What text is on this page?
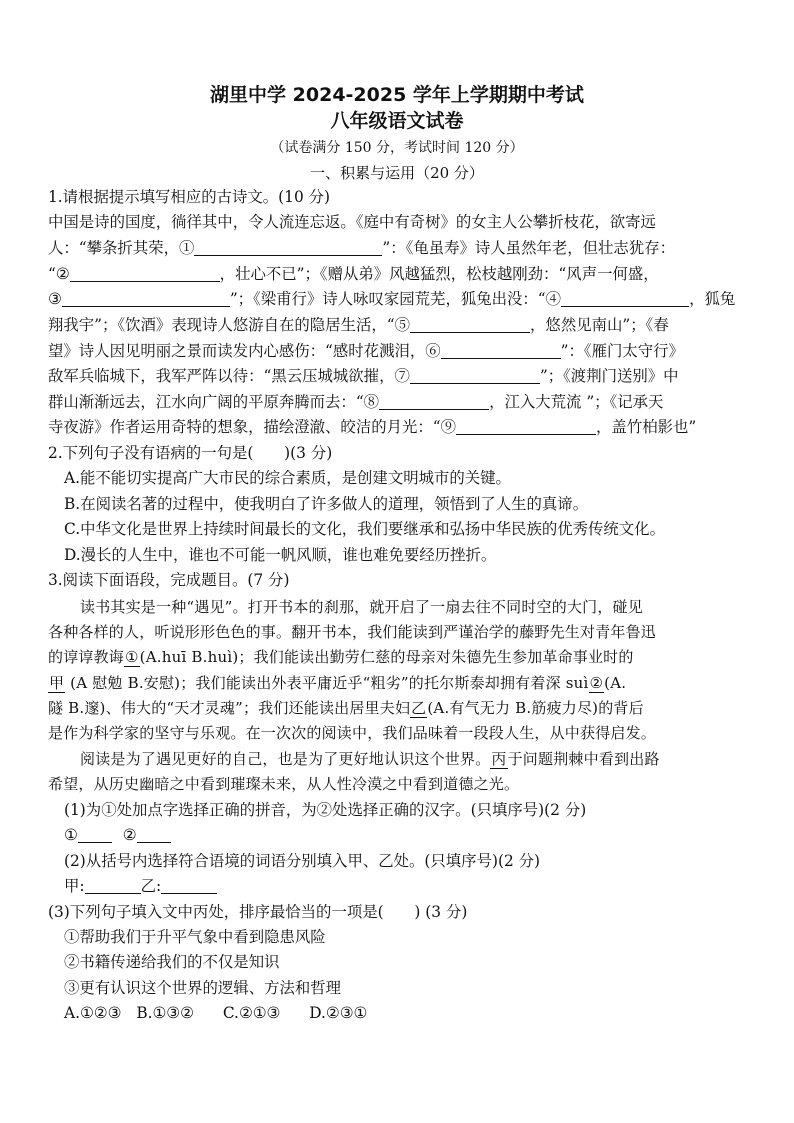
湖里中学 2024-2025 学年上学期期中考试
八年级语文试卷
（试卷满分 150 分，考试时间 120 分）
一、积累与运用（20 分）
1.请根据提示填写相应的古诗文。(10 分)
中国是诗的国度，徜徉其中，令人流连忘返。《庭中有奇树》的女主人公攀折枝花，欲寄远
人：“攀条折其荣，①	”：《龟虽寿》诗人虽然年老，但壮志犹存：
“②	，壮心不已”；《赠从弟》风越猛烈，松枝越刚劲：“风声一何盛，
③	”；《梁甫行》诗人咏叹家园荒芜，狐兔出没：“④	，狐兔
翔我宇”；《饮酒》表现诗人悠游自在的隐居生活，“⑤	，悠然见南山”；《春
望》诗人因见明丽之景而读发内心感伤：“感时花溅泪，⑥	”：《雁门太守行》
敌军兵临城下，我军严阵以待：“黑云压城城欲摧，⑦	”；《渡荆门送别》中
群山渐渐远去，江水向广阔的平原奔腾而去：“⑧	，江入大荒流 ”；《记承天
寺夜游》作者运用奇特的想象，描绘澄澈、皎洁的月光：“⑨	，盖竹柏影也”
2.下列句子没有语病的一句是(　　)(3 分)
A.能不能切实提高广大市民的综合素质，是创建文明城市的关键。
B.在阅读名著的过程中，使我明白了许多做人的道理，领悟到了人生的真谛。
C.中华文化是世界上持续时间最长的文化，我们要继承和弘扬中华民族的优秀传统文化。
D.漫长的人生中，谁也不可能一帆风顺，谁也难免要经历挫折。
3.阅读下面语段，完成题目。(7 分)
读书其实是一种“遇见”。打开书本的刹那，就开启了一扇去往不同时空的大门，碰见
各种各样的人，听说形形色色的事。翻开书本，我们能读到严谨治学的藤野先生对青年鲁迅
的谆谆教诲①(A.huī B.huì)；我们能读出勤劳仁慈的母亲对朱德先生参加革命事业时的
甲 (A 慰勉 B.安慰)；我们能读出外表平庸近乎“粗劣”的托尔斯泰却拥有着深 suì②(A.
隧 B.邃)、伟大的“天才灵魂”；我们还能读出居里夫妇乙(A.有气无力 B.筋疲力尽)的背后
是作为科学家的坚守与乐观。在一次次的阅读中，我们品味着一段段人生，从中获得启发。
阅读是为了遇见更好的自己，也是为了更好地认识这个世界。丙于问题荆棘中看到出路
希望，从历史幽暗之中看到璀璨未来，从人性冷漠之中看到道德之光。
(1)为①处加点字选择正确的拼音，为②处选择正确的汉字。(只填序号)(2 分)
①	②
(2)从括号内选择符合语境的词语分别填入甲、乙处。(只填序号)(2 分)
甲:	乙:
(3)下列句子填入文中丙处，排序最恰当的一项是(　　) (3 分)
①帮助我们于升平气象中看到隐患风险
②书籍传递给我们的不仅是知识
③更有认识这个世界的逻辑、方法和哲理
A.①②③ B.①③② C.②①③ D.②③①
